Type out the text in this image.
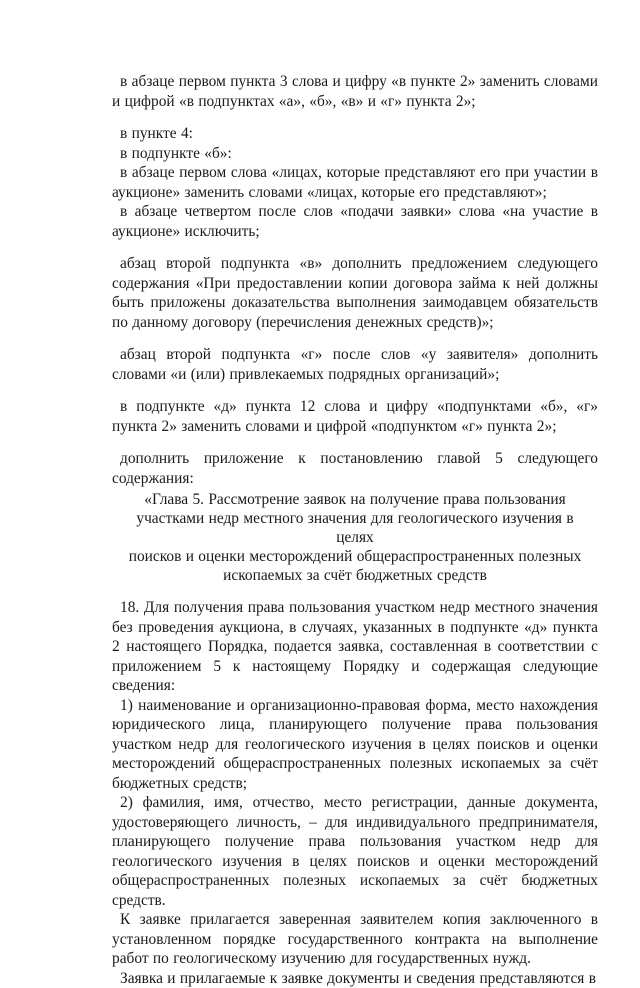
в абзаце первом пункта 3 слова и цифру «в пункте 2» заменить словами и цифрой «в подпунктах «а», «б», «в» и «г» пункта 2»;

в пункте 4:

в подпункте «б»:

в абзаце первом слова «лицах, которые представляют его при участии в аукционе» заменить словами «лицах, которые его представляют»;

в абзаце четвертом после слов «подачи заявки» слова «на участие в аукционе» исключить;

абзац второй подпункта «в» дополнить предложением следующего содержания «При предоставлении копии договора займа к ней должны быть приложены доказательства выполнения заимодавцем обязательств по данному договору (перечисления денежных средств)»;

абзац второй подпункта «г» после слов «у заявителя» дополнить словами «и (или) привлекаемых подрядных организаций»;

в подпункте «д» пункта 12 слова и цифру «подпунктами «б», «г» пункта 2» заменить словами и цифрой «подпунктом «г» пункта 2»;

дополнить приложение к постановлению главой 5 следующего содержания:

«Глава 5. Рассмотрение заявок на получение права пользования
участками недр местного значения для геологического изучения в целях
поисков и оценки месторождений общераспространенных полезных
ископаемых за счёт бюджетных средств

18. Для получения права пользования участком недр местного значения без проведения аукциона, в случаях, указанных в подпункте «д» пункта 2 настоящего Порядка, подается заявка, составленная в соответствии с приложением 5 к настоящему Порядку и содержащая следующие сведения:

1) наименование и организационно-правовая форма, место нахождения юридического лица, планирующего получение права пользования участком недр для геологического изучения в целях поисков и оценки месторождений общераспространенных полезных ископаемых за счёт бюджетных средств;

2) фамилия, имя, отчество, место регистрации, данные документа, удостоверяющего личность, – для индивидуального предпринимателя, планирующего получение права пользования участком недр для геологического изучения в целях поисков и оценки месторождений общераспространенных полезных ископаемых за счёт бюджетных средств.

К заявке прилагается заверенная заявителем копия заключенного в установленном порядке государственного контракта на выполнение работ по геологическому изучению для государственных нужд.

Заявка и прилагаемые к заявке документы и сведения представляются в
